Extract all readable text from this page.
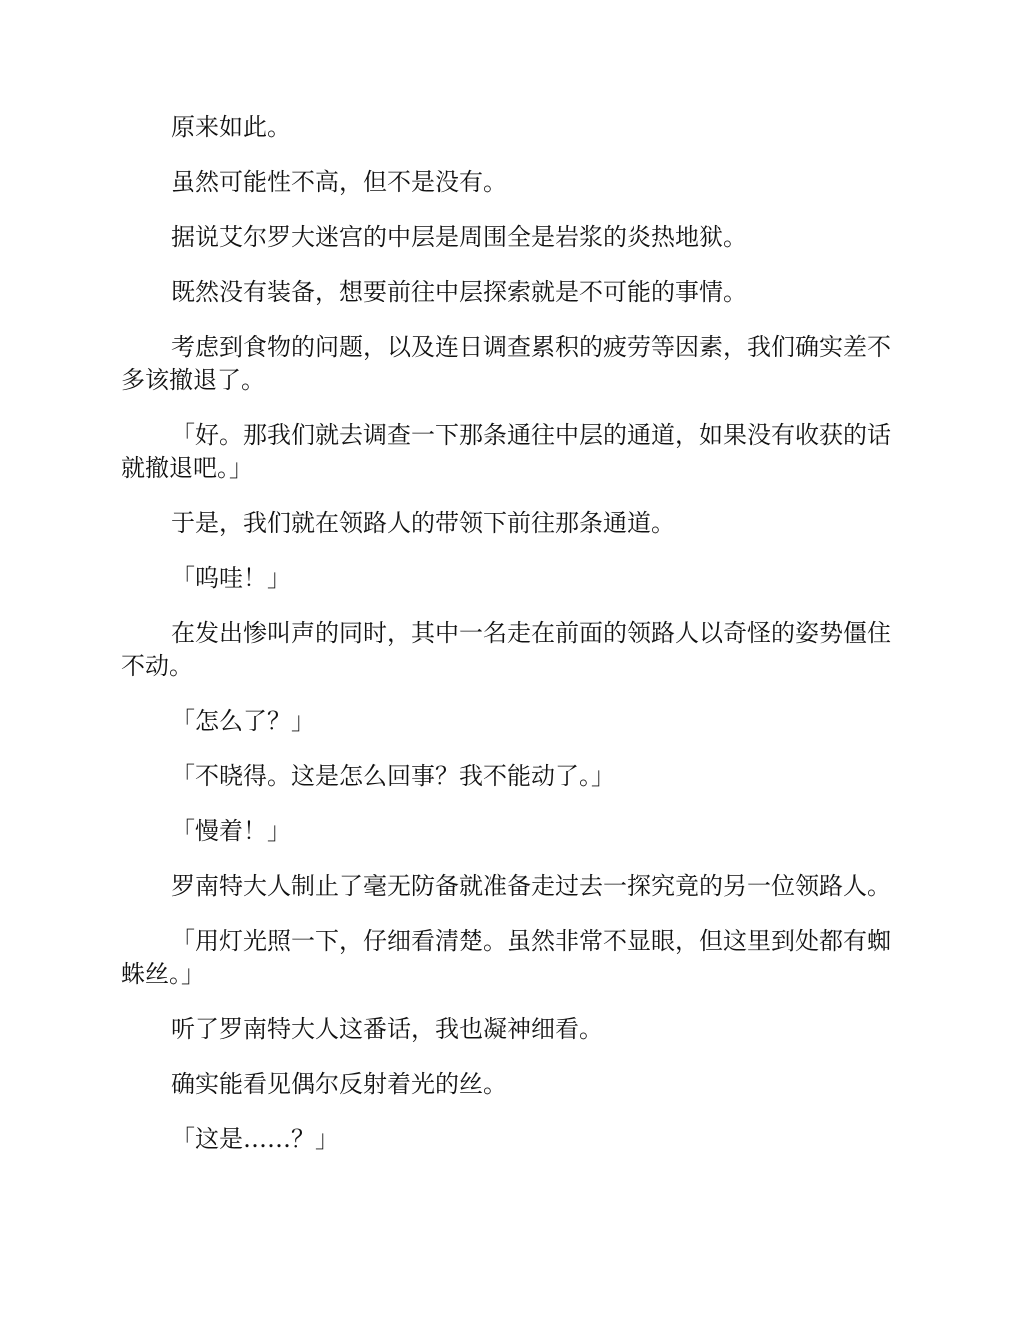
原来如此。

虽然可能性不高，但不是没有。

据说艾尔罗大迷宫的中层是周围全是岩浆的炎热地狱。

既然没有装备，想要前往中层探索就是不可能的事情。

考虑到食物的问题，以及连日调查累积的疲劳等因素，我们确实差不多该撤退了。

「好。那我们就去调查一下那条通往中层的通道，如果没有收获的话就撤退吧。」

于是，我们就在领路人的带领下前往那条通道。

「呜哇！」

在发出惨叫声的同时，其中一名走在前面的领路人以奇怪的姿势僵住不动。

「怎么了？」

「不晓得。这是怎么回事？我不能动了。」

「慢着！」

罗南特大人制止了毫无防备就准备走过去一探究竟的另一位领路人。

「用灯光照一下，仔细看清楚。虽然非常不显眼，但这里到处都有蜘蛛丝。」

听了罗南特大人这番话，我也凝神细看。

确实能看见偶尔反射着光的丝。

「这是……？」
